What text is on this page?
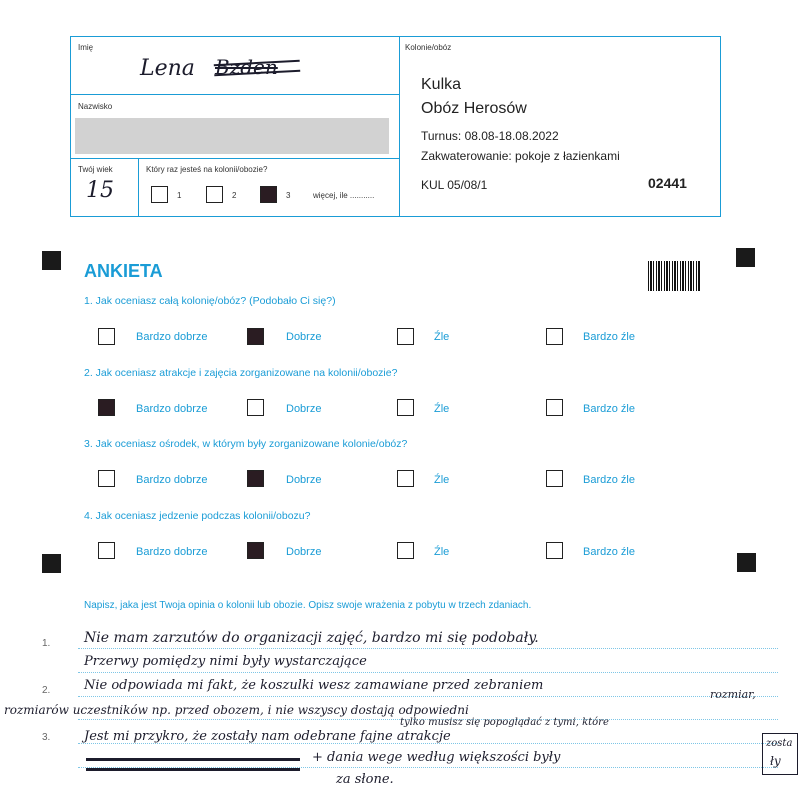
Imię
Lena Bzden
Nazwisko
Twój wiek
15
Który raz jesteś na kolonii/obozie?
1	2	3	więcej, ile ...........
Kolonie/obóz
Kulka
Obóz Herosów
Turnus: 08.08-18.08.2022
Zakwaterowanie: pokoje z łazienkami
KUL 05/08/1	02441
ANKIETA
1. Jak oceniasz całą kolonię/obóz? (Podobało Ci się?)
Bardzo dobrze	Dobrze	Źle	Bardzo źle
2. Jak oceniasz atrakcje i zajęcia zorganizowane na kolonii/obozie?
Bardzo dobrze	Dobrze	Źle	Bardzo źle
3. Jak oceniasz ośrodek, w którym były zorganizowane kolonie/obóz?
Bardzo dobrze	Dobrze	Źle	Bardzo źle
4. Jak oceniasz jedzenie podczas kolonii/obozu?
Bardzo dobrze	Dobrze	Źle	Bardzo źle
Napisz, jaka jest Twoja opinia o kolonii lub obozie. Opisz swoje wrażenia z pobytu w trzech zdaniach.
1.
2.
3.
Nie mam zarzutów do organizacji zajęć, bardzo mi się podobały.
Przerwy pomiędzy nimi były wystarczające
Nie odpowiada mi fakt, że koszulki wesz zamawiane przed zebraniem
rozmiar,
rozmiarów uczestników np. przed obozem, i nie wszyscy dostają odpowiedni
tylko musisz się popoglądać z tymi, które
Jest mi przykro, że zostały nam odebrane fajne atrakcje	zosta
ły
+ dania wege według większości były
za słone.
